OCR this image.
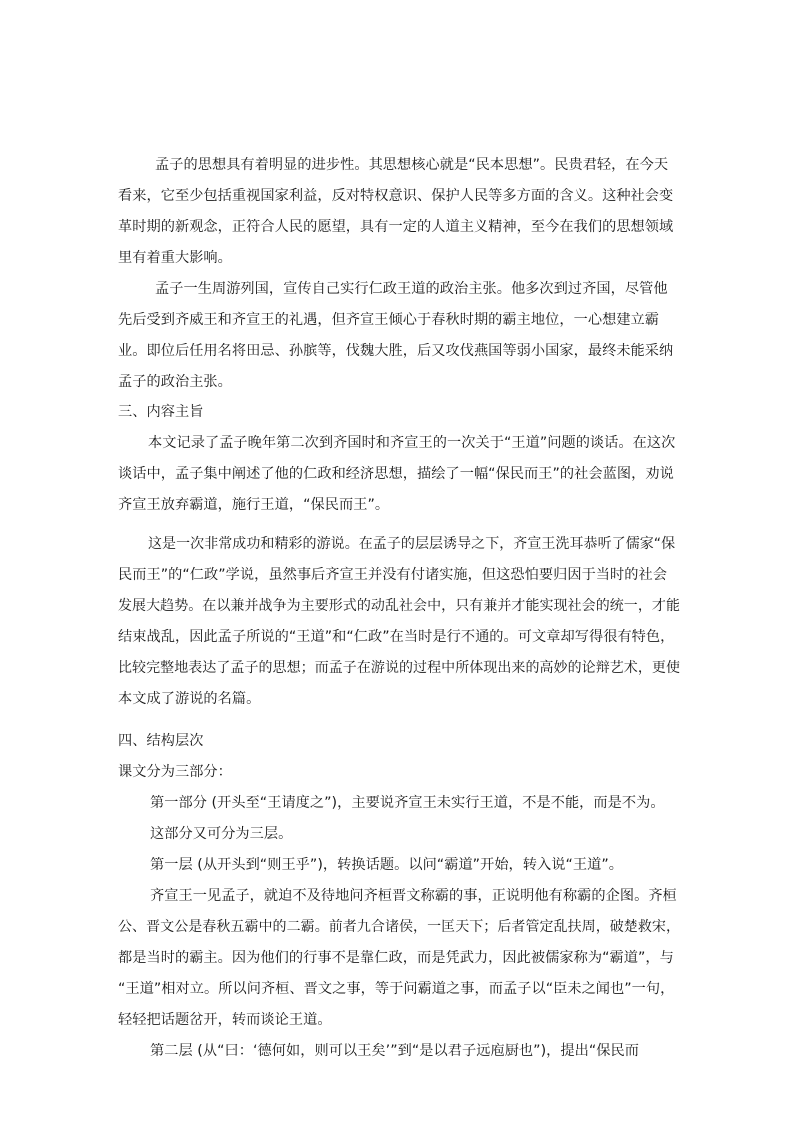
孟子的思想具有着明显的进步性。其思想核心就是“民本思想”。民贵君轻，在今天
看来，它至少包括重视国家利益，反对特权意识、保护人民等多方面的含义。这种社会变
革时期的新观念，正符合人民的愿望，具有一定的人道主义精神，至今在我们的思想领域
里有着重大影响。
孟子一生周游列国，宣传自己实行仁政王道的政治主张。他多次到过齐国，尽管他
先后受到齐威王和齐宣王的礼遇，但齐宣王倾心于春秋时期的霸主地位，一心想建立霸
业。即位后任用名将田忌、孙膑等，伐魏大胜，后又攻伐燕国等弱小国家，最终未能采纳
孟子的政治主张。
三、内容主旨
本文记录了孟子晚年第二次到齐国时和齐宣王的一次关于“王道”问题的谈话。在这次
谈话中，孟子集中阐述了他的仁政和经济思想，描绘了一幅“保民而王”的社会蓝图，劝说
齐宣王放弃霸道，施行王道，“保民而王”。
这是一次非常成功和精彩的游说。在孟子的层层诱导之下，齐宣王洗耳恭听了儒家“保
民而王”的“仁政”学说，虽然事后齐宣王并没有付诸实施，但这恐怕要归因于当时的社会
发展大趋势。在以兼并战争为主要形式的动乱社会中，只有兼并才能实现社会的统一，才能
结束战乱，因此孟子所说的“王道”和“仁政”在当时是行不通的。可文章却写得很有特色，
比较完整地表达了孟子的思想；而孟子在游说的过程中所体现出来的高妙的论辩艺术，更使
本文成了游说的名篇。
四、结构层次
课文分为三部分：
第一部分 (开头至“王请度之”)，主要说齐宣王未实行王道，不是不能，而是不为。
这部分又可分为三层。
第一层 (从开头到“则王乎”)，转换话题。以问“霸道”开始，转入说“王道”。
齐宣王一见孟子，就迫不及待地问齐桓晋文称霸的事，正说明他有称霸的企图。齐桓
公、晋文公是春秋五霸中的二霸。前者九合诸侯，一匡天下；后者管定乱扶周，破楚救宋，
都是当时的霸主。因为他们的行事不是靠仁政，而是凭武力，因此被儒家称为“霸道”，与
“王道”相对立。所以问齐桓、晋文之事，等于问霸道之事，而孟子以“臣未之闻也”一句，
轻轻把话题岔开，转而谈论王道。
第二层 (从“曰：‘德何如，则可以王矣’”到“是以君子远庖厨也”)，提出“保民而
